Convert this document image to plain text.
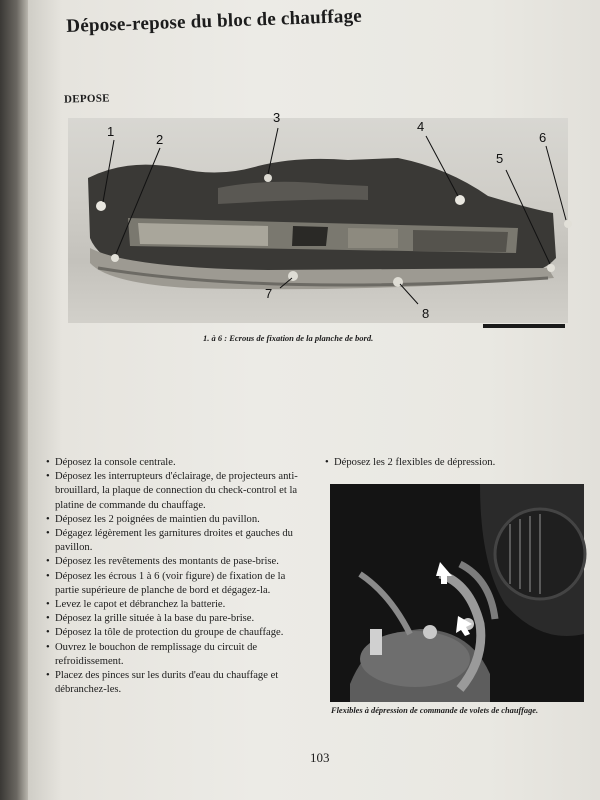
Dépose-repose du bloc de chauffage
DEPOSE
1
2
3
4
5
6
7
8
1. à 6 : Ecrous de fixation de la planche de bord.

• Déposez la console centrale.

• Déposez les interrupteurs d'éclairage, de projecteurs anti-brouillard, la plaque de connection du check-control et la platine de commande du chauffage.

• Déposez les 2 poignées de maintien du pavillon.

• Dégagez légèrement les garnitures droites et gauches du pavillon.

• Déposez les revêtements des montants de pase-brise.

• Déposez les écrous 1 à 6 (voir figure) de fixation de la partie supérieure de planche de bord et dégagez-la.

• Levez le capot et débranchez la batterie.

• Déposez la grille située à la base du pare-brise.

• Déposez la tôle de protection du groupe de chauffage.

• Ouvrez le bouchon de remplissage du circuit de refroidissement.

• Placez des pinces sur les durits d'eau du chauffage et débranchez-les.

• Déposez les 2 flexibles de dépression.

Flexibles à dépression de commande de volets de chauffage.
103
